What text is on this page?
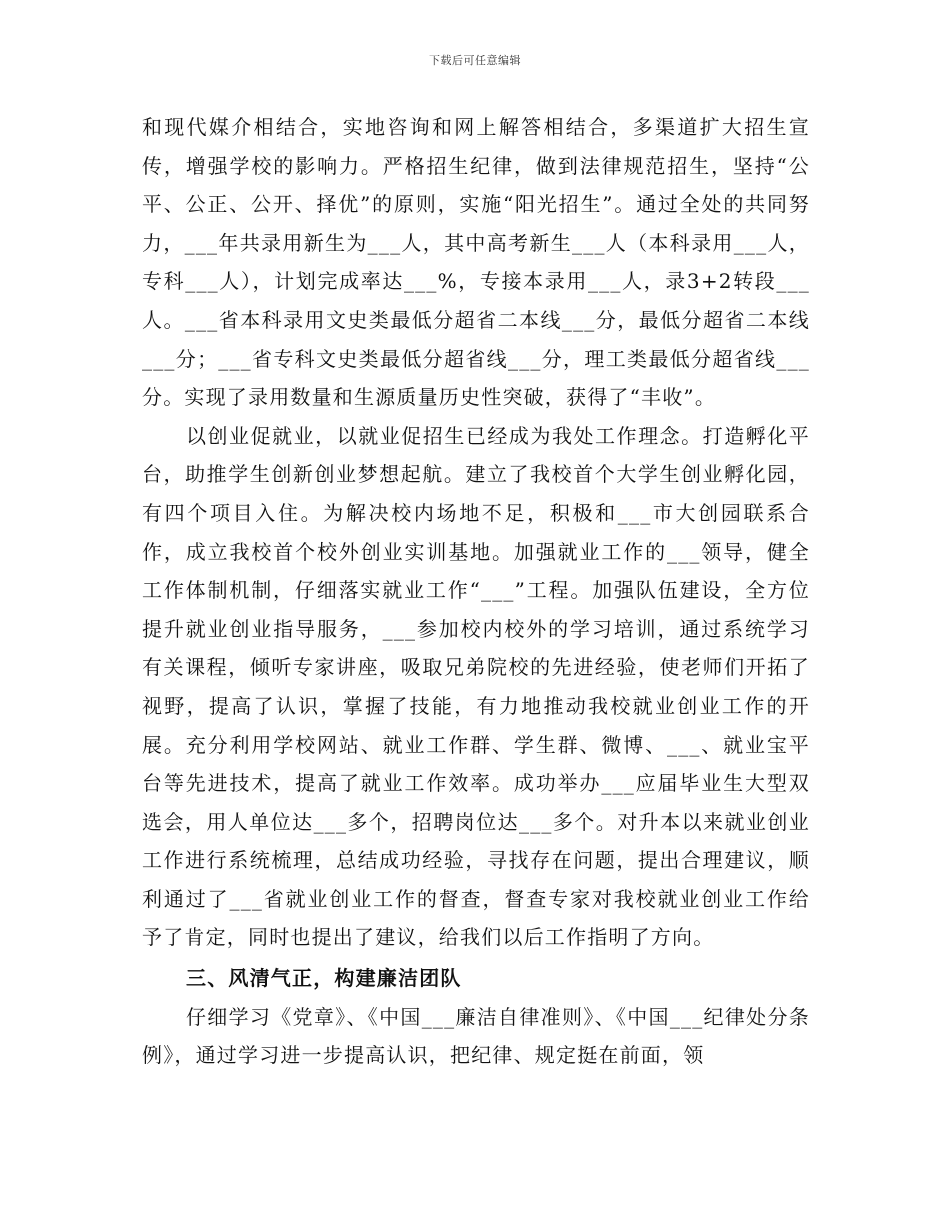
下载后可任意编辑

和现代媒介相结合，实地咨询和网上解答相结合，多渠道扩大招生宣传，增强学校的影响力。严格招生纪律，做到法律规范招生，坚持“公平、公正、公开、择优”的原则，实施“阳光招生”。通过全处的共同努力，___年共录用新生为___人，其中高考新生___人（本科录用___人，专科___人），计划完成率达___%，专接本录用___人，录3+2转段___人。___省本科录用文史类最低分超省二本线___分，最低分超省二本线___分；___省专科文史类最低分超省线___分，理工类最低分超省线___分。实现了录用数量和生源质量历史性突破，获得了“丰收”。

以创业促就业，以就业促招生已经成为我处工作理念。打造孵化平台，助推学生创新创业梦想起航。建立了我校首个大学生创业孵化园，有四个项目入住。为解决校内场地不足，积极和___市大创园联系合作，成立我校首个校外创业实训基地。加强就业工作的___领导，健全工作体制机制，仔细落实就业工作“___”工程。加强队伍建设，全方位提升就业创业指导服务，___参加校内校外的学习培训，通过系统学习有关课程，倾听专家讲座，吸取兄弟院校的先进经验，使老师们开拓了视野，提高了认识，掌握了技能，有力地推动我校就业创业工作的开展。充分利用学校网站、就业工作群、学生群、微博、___、就业宝平台等先进技术，提高了就业工作效率。成功举办___应届毕业生大型双选会，用人单位达___多个，招聘岗位达___多个。对升本以来就业创业工作进行系统梳理，总结成功经验，寻找存在问题，提出合理建议，顺利通过了___省就业创业工作的督查，督查专家对我校就业创业工作给予了肯定，同时也提出了建议，给我们以后工作指明了方向。

三、风清气正，构建廉洁团队

仔细学习《党章》、《中国___廉洁自律准则》、《中国___纪律处分条例》，通过学习进一步提高认识，把纪律、规定挺在前面，领
